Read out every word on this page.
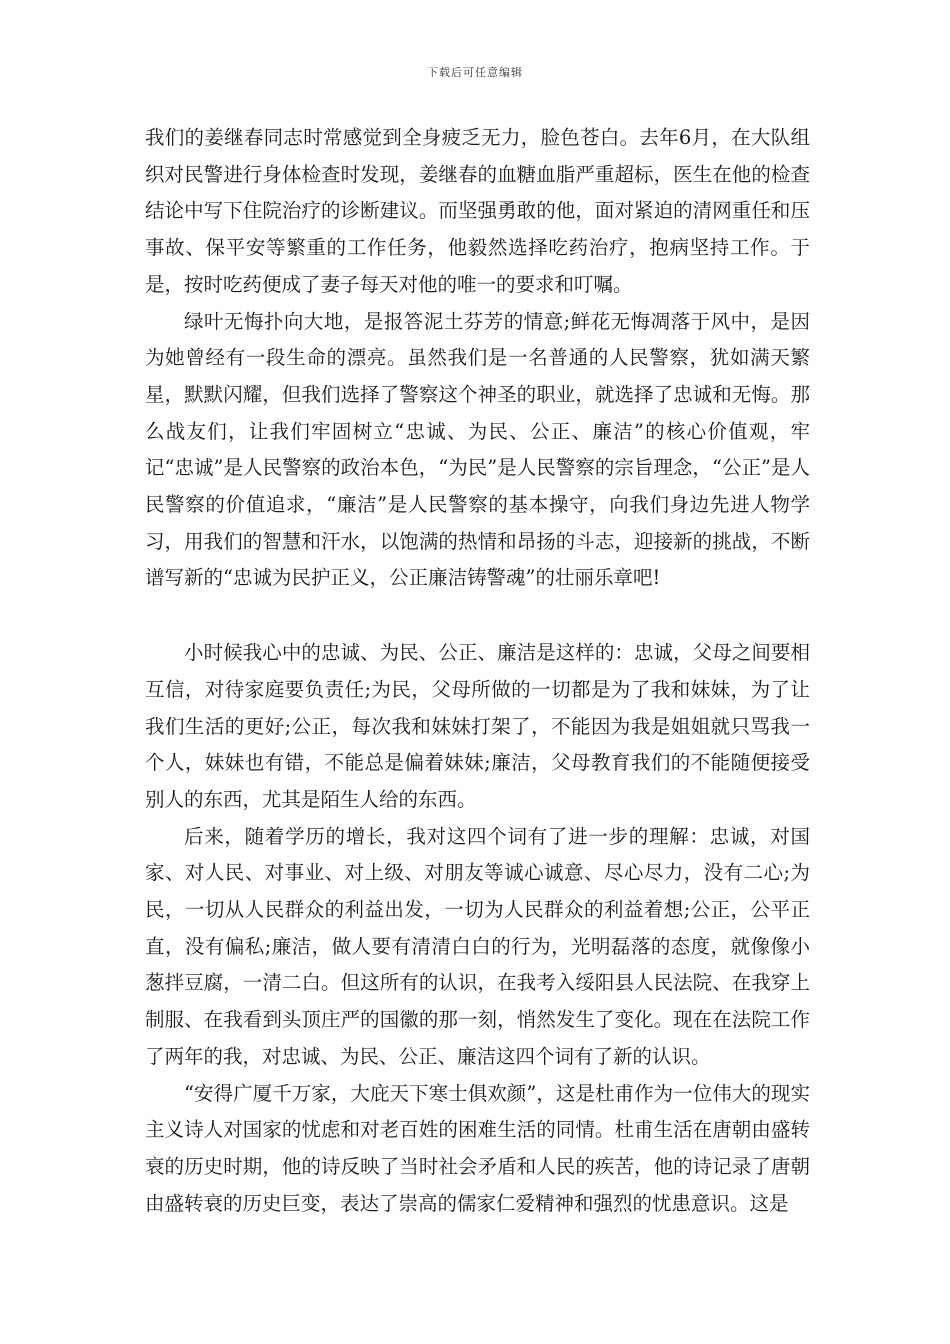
下载后可任意编辑

我们的姜继春同志时常感觉到全身疲乏无力，脸色苍白。去年6月，在大队组织对民警进行身体检查时发现，姜继春的血糖血脂严重超标，医生在他的检查结论中写下住院治疗的诊断建议。而坚强勇敢的他，面对紧迫的清网重任和压事故、保平安等繁重的工作任务，他毅然选择吃药治疗，抱病坚持工作。于是，按时吃药便成了妻子每天对他的唯一的要求和叮嘱。

绿叶无悔扑向大地，是报答泥土芬芳的情意;鲜花无悔凋落于风中，是因为她曾经有一段生命的漂亮。虽然我们是一名普通的人民警察，犹如满天繁星，默默闪耀，但我们选择了警察这个神圣的职业，就选择了忠诚和无悔。那么战友们，让我们牢固树立“忠诚、为民、公正、廉洁”的核心价值观，牢记“忠诚”是人民警察的政治本色，“为民”是人民警察的宗旨理念，“公正”是人民警察的价值追求，“廉洁”是人民警察的基本操守，向我们身边先进人物学习，用我们的智慧和汗水，以饱满的热情和昂扬的斗志，迎接新的挑战，不断谱写新的“忠诚为民护正义，公正廉洁铸警魂”的壮丽乐章吧!

小时候我心中的忠诚、为民、公正、廉洁是这样的：忠诚，父母之间要相互信，对待家庭要负责任;为民，父母所做的一切都是为了我和妹妹，为了让我们生活的更好;公正，每次我和妹妹打架了，不能因为我是姐姐就只骂我一个人，妹妹也有错，不能总是偏着妹妹;廉洁，父母教育我们的不能随便接受别人的东西，尤其是陌生人给的东西。

后来，随着学历的增长，我对这四个词有了进一步的理解：忠诚，对国家、对人民、对事业、对上级、对朋友等诚心诚意、尽心尽力，没有二心;为民，一切从人民群众的利益出发，一切为人民群众的利益着想;公正，公平正直，没有偏私;廉洁，做人要有清清白白的行为，光明磊落的态度，就像像小葱拌豆腐，一清二白。但这所有的认识，在我考入绥阳县人民法院、在我穿上制服、在我看到头顶庄严的国徽的那一刻，悄然发生了变化。现在在法院工作了两年的我，对忠诚、为民、公正、廉洁这四个词有了新的认识。

“安得广厦千万家，大庇天下寒士俱欢颜”，这是杜甫作为一位伟大的现实主义诗人对国家的忧虑和对老百姓的困难生活的同情。杜甫生活在唐朝由盛转衰的历史时期，他的诗反映了当时社会矛盾和人民的疾苦，他的诗记录了唐朝由盛转衰的历史巨变，表达了崇高的儒家仁爱精神和强烈的忧患意识。这是
